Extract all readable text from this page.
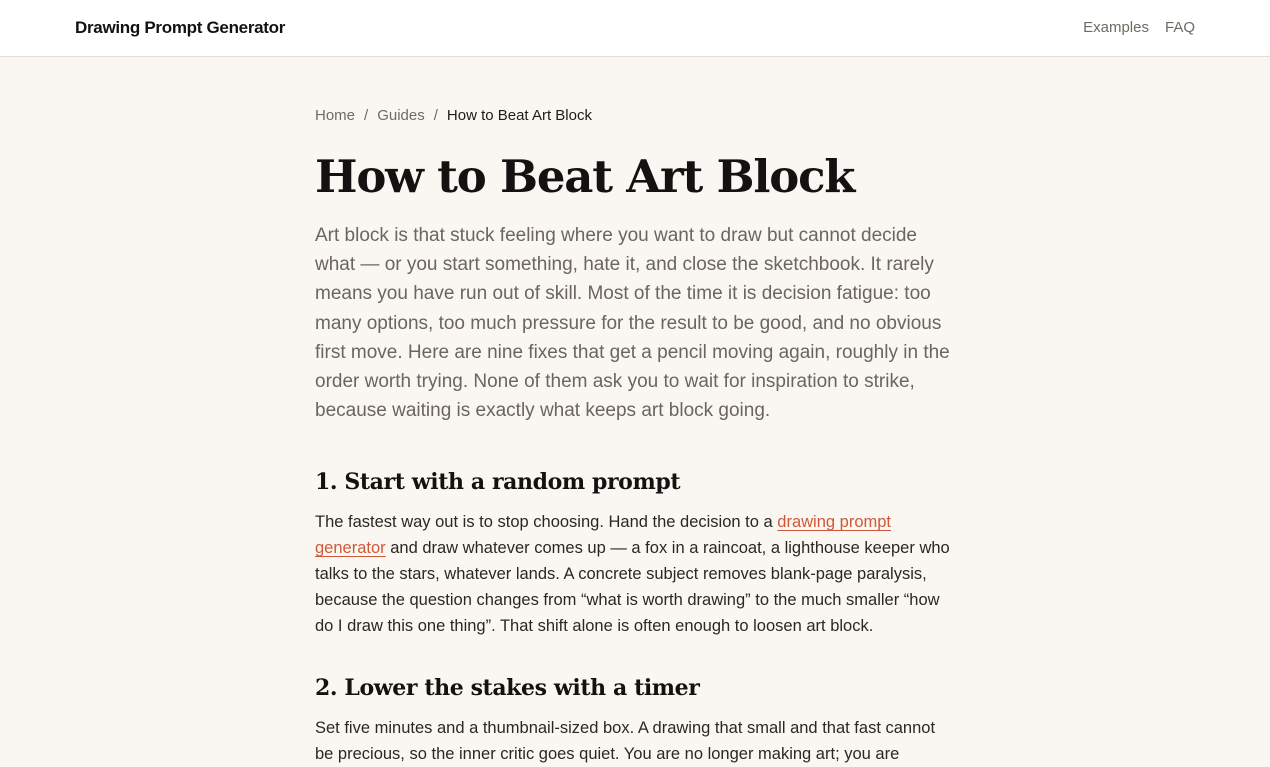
Drawing Prompt Generator	Examples FAQ
Home / Guides / How to Beat Art Block
How to Beat Art Block

Art block is that stuck feeling where you want to draw but cannot decide what — or you start something, hate it, and close the sketchbook. It rarely means you have run out of skill. Most of the time it is decision fatigue: too many options, too much pressure for the result to be good, and no obvious first move. Here are nine fixes that get a pencil moving again, roughly in the order worth trying. None of them ask you to wait for inspiration to strike, because waiting is exactly what keeps art block going.

1. Start with a random prompt

The fastest way out is to stop choosing. Hand the decision to a drawing prompt generator and draw whatever comes up — a fox in a raincoat, a lighthouse keeper who talks to the stars, whatever lands. A concrete subject removes blank-page paralysis, because the question changes from “what is worth drawing” to the much smaller “how do I draw this one thing”. That shift alone is often enough to loosen art block.

2. Lower the stakes with a timer

Set five minutes and a thumbnail-sized box. A drawing that small and that fast cannot be precious, so the inner critic goes quiet. You are no longer making art; you are
